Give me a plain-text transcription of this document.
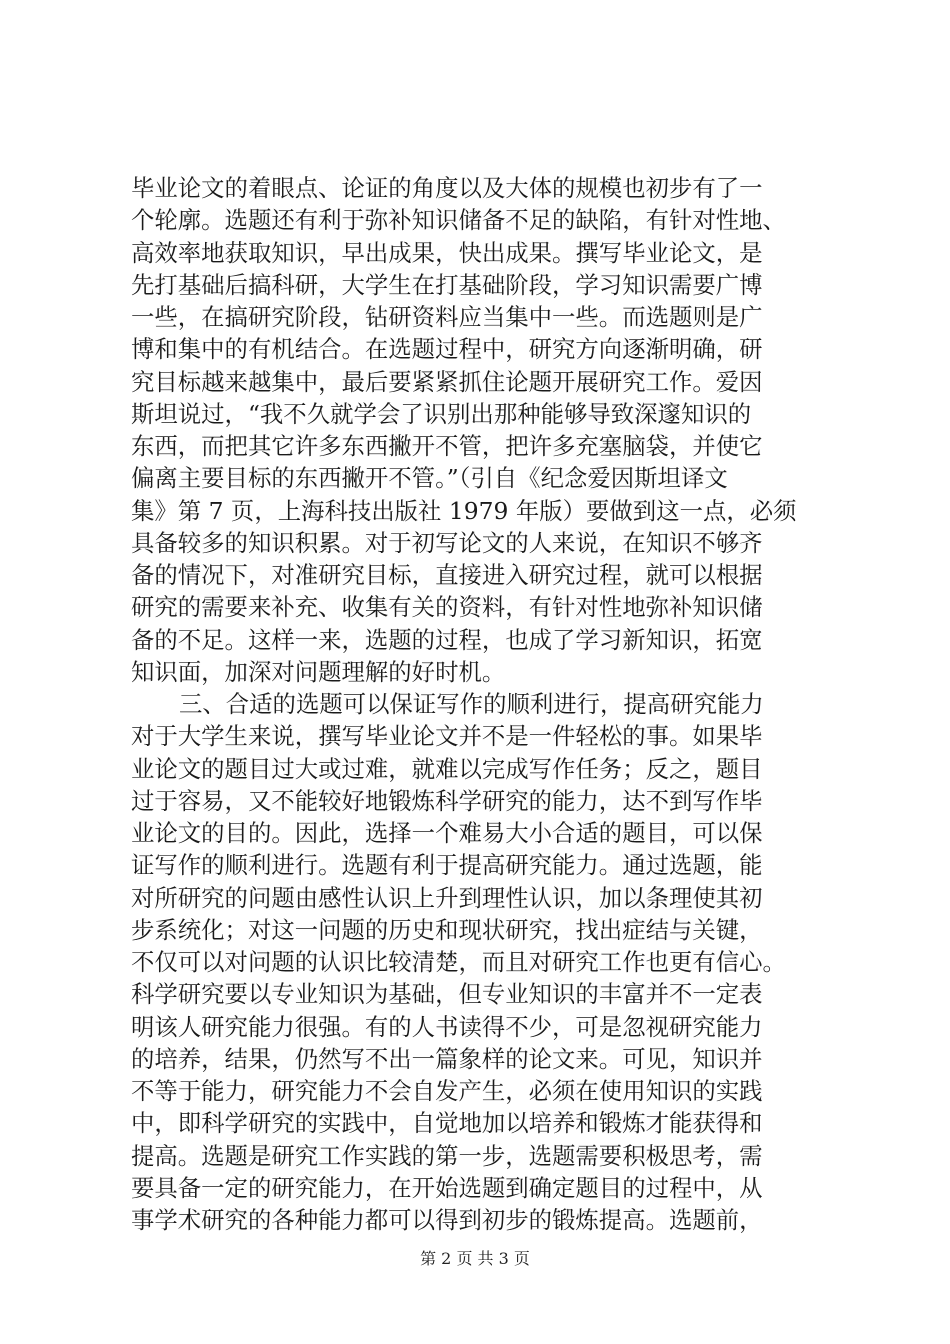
毕业论文的着眼点、论证的角度以及大体的规模也初步有了一
个轮廓。选题还有利于弥补知识储备不足的缺陷，有针对性地、
高效率地获取知识，早出成果，快出成果。撰写毕业论文，是
先打基础后搞科研，大学生在打基础阶段，学习知识需要广博
一些，在搞研究阶段，钻研资料应当集中一些。而选题则是广
博和集中的有机结合。在选题过程中，研究方向逐渐明确，研
究目标越来越集中，最后要紧紧抓住论题开展研究工作。爱因
斯坦说过，“我不久就学会了识别出那种能够导致深邃知识的
东西，而把其它许多东西撇开不管，把许多充塞脑袋，并使它
偏离主要目标的东西撇开不管。”（引自《纪念爱因斯坦译文
集》第 7 页，上海科技出版社 1979 年版）要做到这一点，必须
具备较多的知识积累。对于初写论文的人来说，在知识不够齐
备的情况下，对准研究目标，直接进入研究过程，就可以根据
研究的需要来补充、收集有关的资料，有针对性地弥补知识储
备的不足。这样一来，选题的过程，也成了学习新知识，拓宽
知识面，加深对问题理解的好时机。
三、合适的选题可以保证写作的顺利进行，提高研究能力
对于大学生来说，撰写毕业论文并不是一件轻松的事。如果毕
业论文的题目过大或过难，就难以完成写作任务；反之，题目
过于容易，又不能较好地锻炼科学研究的能力，达不到写作毕
业论文的目的。因此，选择一个难易大小合适的题目，可以保
证写作的顺利进行。选题有利于提高研究能力。通过选题，能
对所研究的问题由感性认识上升到理性认识，加以条理使其初
步系统化；对这一问题的历史和现状研究，找出症结与关键，
不仅可以对问题的认识比较清楚，而且对研究工作也更有信心。
科学研究要以专业知识为基础，但专业知识的丰富并不一定表
明该人研究能力很强。有的人书读得不少，可是忽视研究能力
的培养，结果，仍然写不出一篇象样的论文来。可见，知识并
不等于能力，研究能力不会自发产生，必须在使用知识的实践
中，即科学研究的实践中，自觉地加以培养和锻炼才能获得和
提高。选题是研究工作实践的第一步，选题需要积极思考，需
要具备一定的研究能力，在开始选题到确定题目的过程中，从
事学术研究的各种能力都可以得到初步的锻炼提高。选题前，
第 2 页 共 3 页
